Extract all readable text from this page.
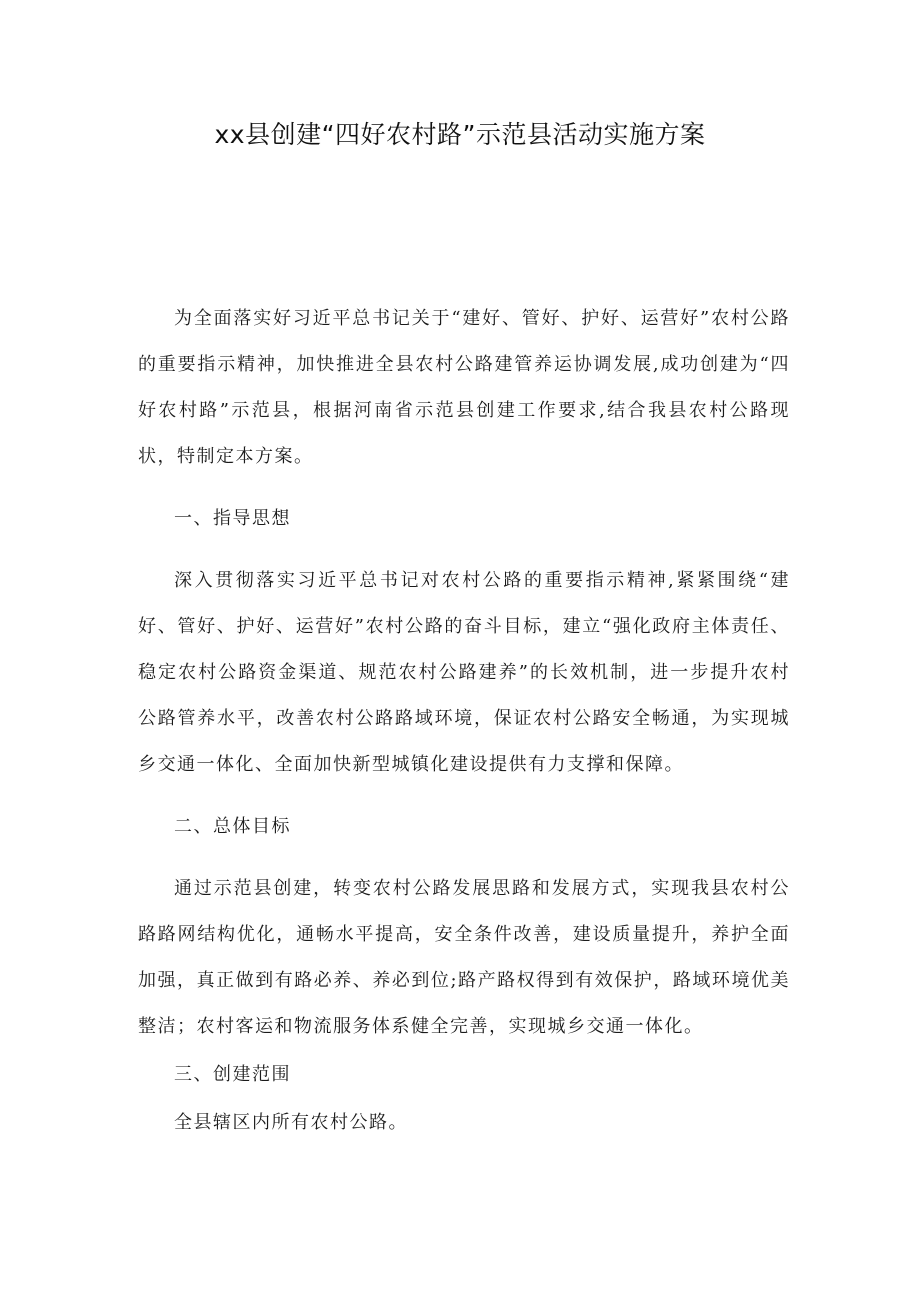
xx县创建“四好农村路”示范县活动实施方案

为全面落实好习近平总书记关于“建好、管好、护好、运营好”农村公路的重要指示精神，加快推进全县农村公路建管养运协调发展,成功创建为“四好农村路”示范县，根据河南省示范县创建工作要求,结合我县农村公路现状，特制定本方案。

一、指导思想

深入贯彻落实习近平总书记对农村公路的重要指示精神,紧紧围绕“建好、管好、护好、运营好”农村公路的奋斗目标，建立“强化政府主体责任、稳定农村公路资金渠道、规范农村公路建养”的长效机制，进一步提升农村公路管养水平，改善农村公路路域环境，保证农村公路安全畅通，为实现城乡交通一体化、全面加快新型城镇化建设提供有力支撑和保障。

二、总体目标

通过示范县创建，转变农村公路发展思路和发展方式，实现我县农村公路路网结构优化，通畅水平提高，安全条件改善，建设质量提升，养护全面加强，真正做到有路必养、养必到位;路产路权得到有效保护，路域环境优美整洁；农村客运和物流服务体系健全完善，实现城乡交通一体化。

三、创建范围

全县辖区内所有农村公路。
